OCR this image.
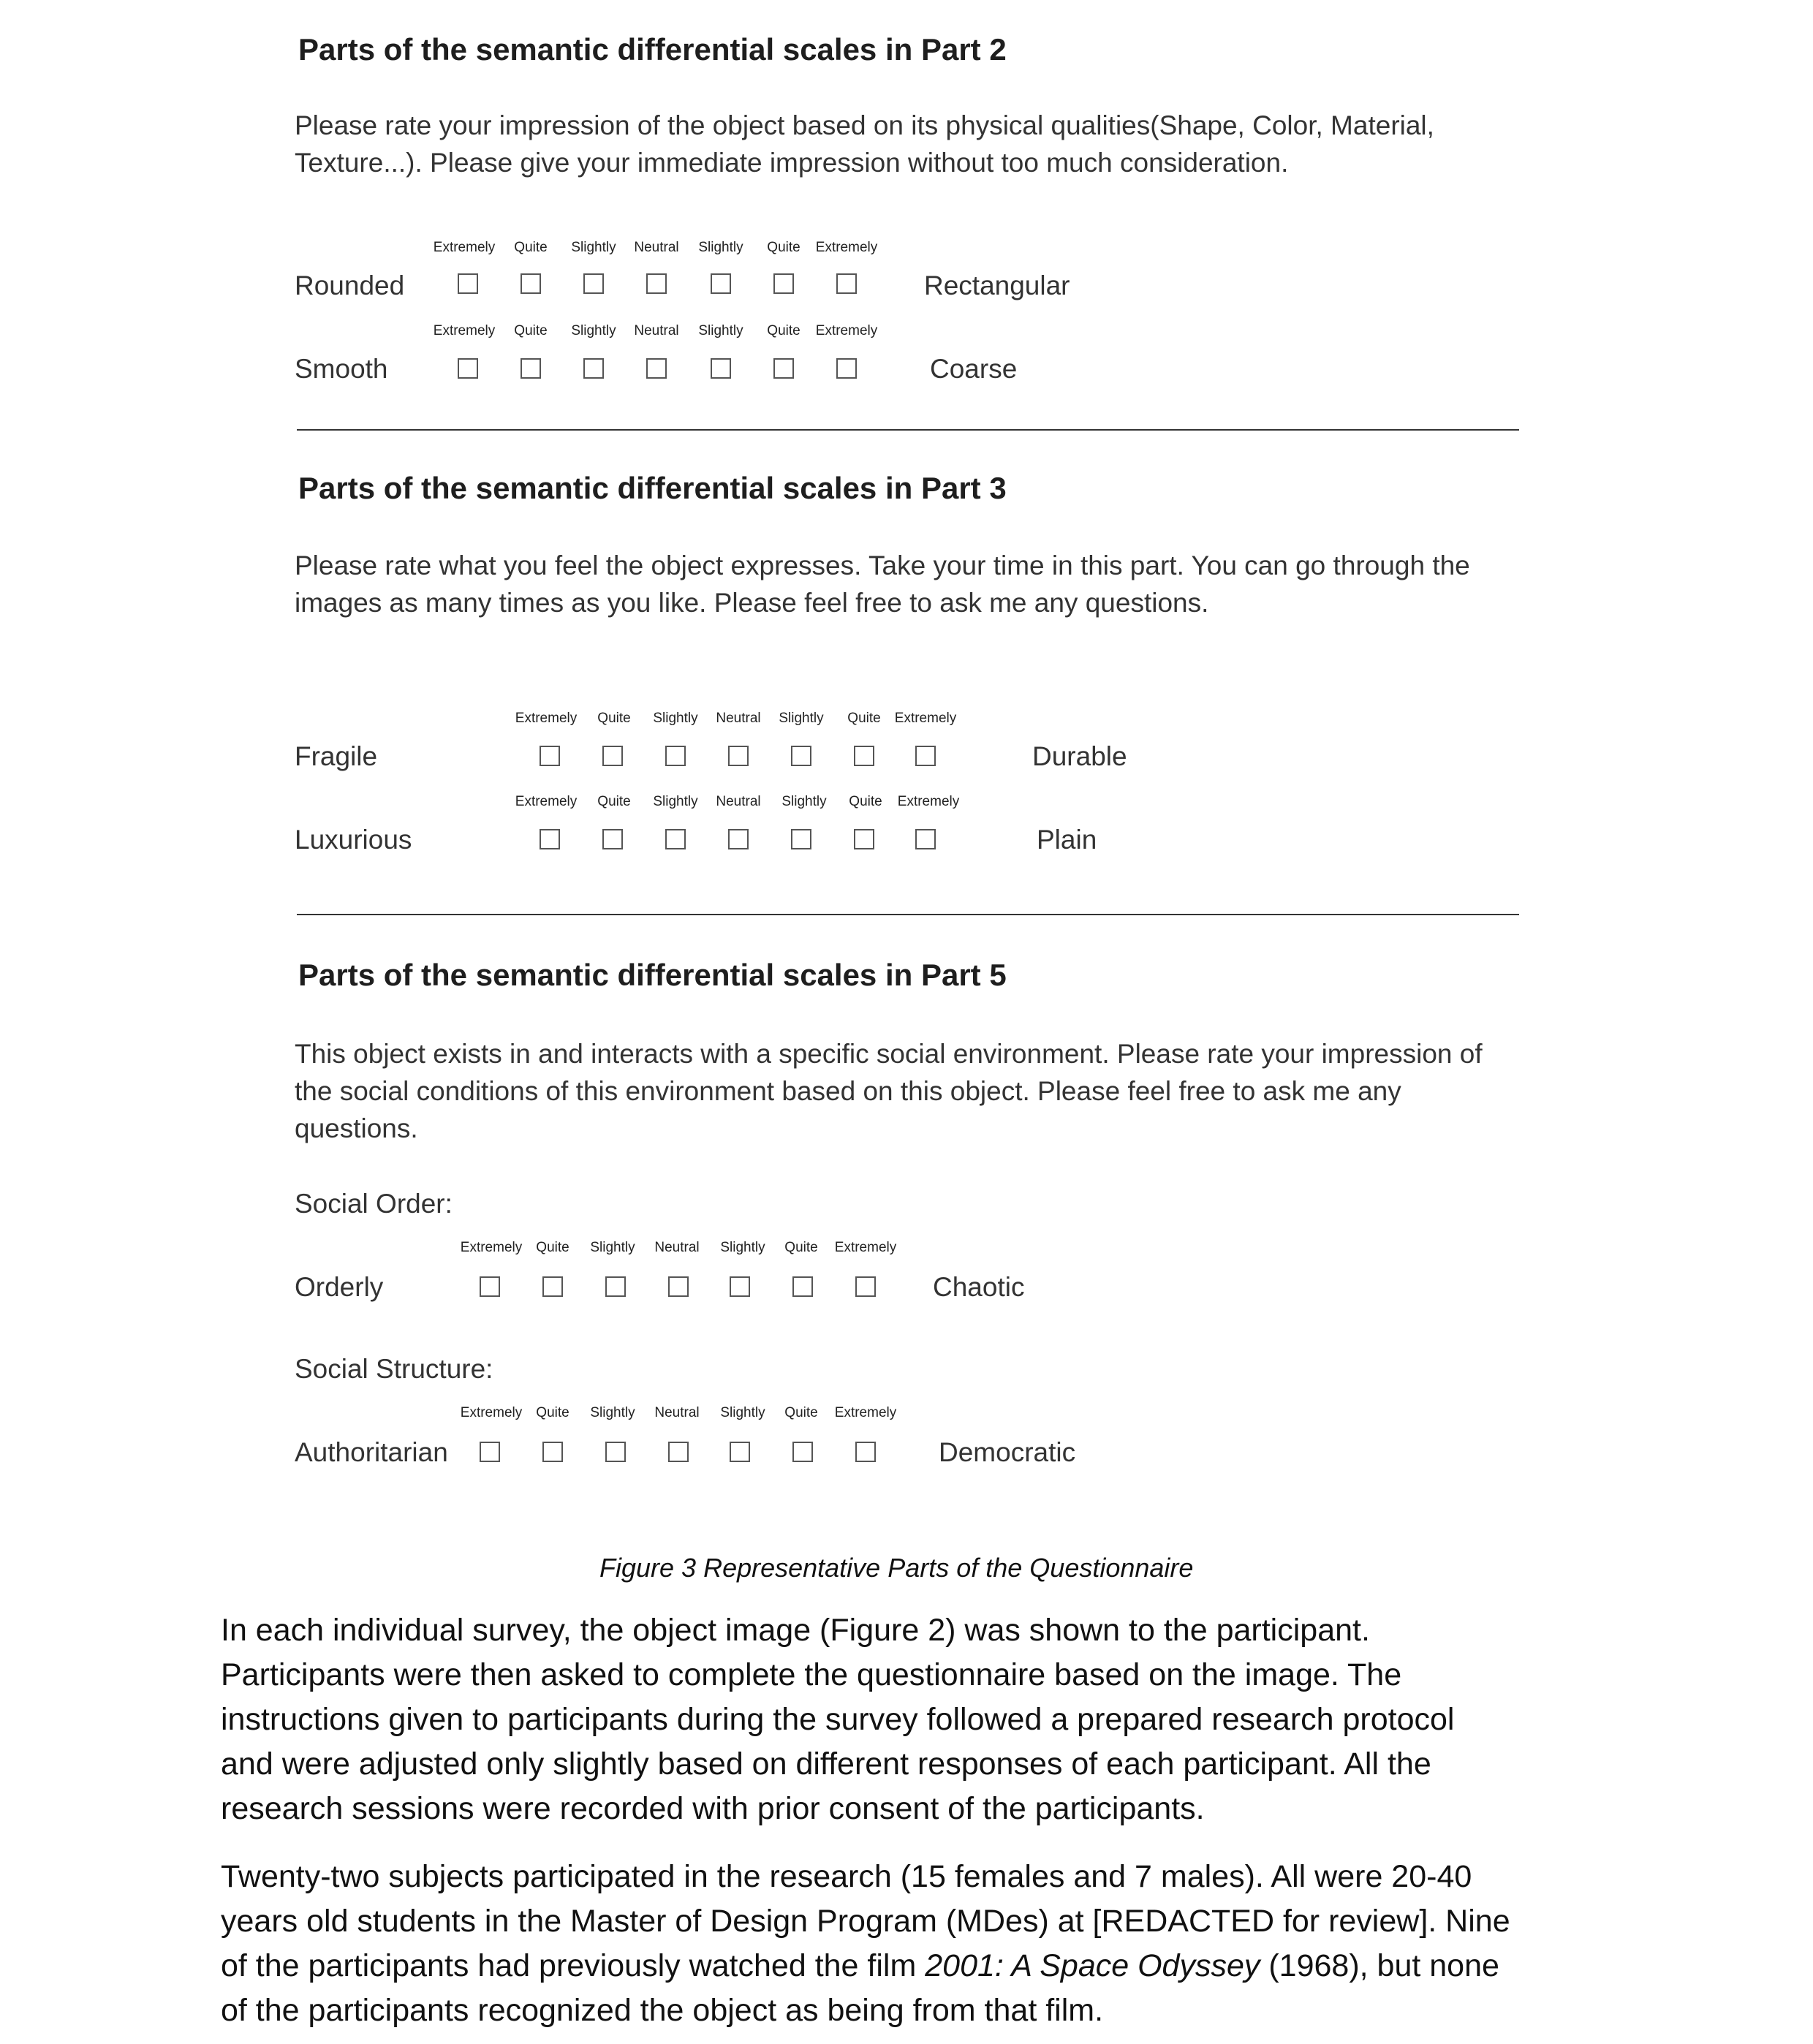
Parts of the semantic differential scales in Part 2
Please rate your impression of the object based on its physical qualities(Shape, Color, Material,
Texture...). Please give your immediate impression without too much consideration.
Extremely Quite Slightly Neutral Slightly Quite Extremely
Rounded	Rectangular
Extremely Quite Slightly Neutral Slightly Quite Extremely
Smooth	Coarse
Parts of the semantic differential scales in Part 3
Please rate what you feel the object expresses. Take your time in this part. You can go through the
images as many times as you like. Please feel free to ask me any questions.
Extremely Quite Slightly Neutral Slightly Quite Extremely
Fragile	Durable
Extremely Quite Slightly Neutral Slightly Quite Extremely
Luxurious	Plain
Parts of the semantic differential scales in Part 5
This object exists in and interacts with a specific social environment. Please rate your impression of
the social conditions of this environment based on this object. Please feel free to ask me any
questions.
Social Order:
Extremely Quite Slightly Neutral Slightly Quite Extremely
Orderly	Chaotic
Social Structure:
Extremely Quite Slightly Neutral Slightly Quite Extremely
Authoritarian	Democratic
Figure 3 Representative Parts of the Questionnaire
In each individual survey, the object image (Figure 2) was shown to the participant.
Participants were then asked to complete the questionnaire based on the image. The
instructions given to participants during the survey followed a prepared research protocol
and were adjusted only slightly based on different responses of each participant. All the
research sessions were recorded with prior consent of the participants.
Twenty-two subjects participated in the research (15 females and 7 males). All were 20-40
years old students in the Master of Design Program (MDes) at [REDACTED for review]. Nine
of the participants had previously watched the film 2001: A Space Odyssey (1968), but none
of the participants recognized the object as being from that film.
